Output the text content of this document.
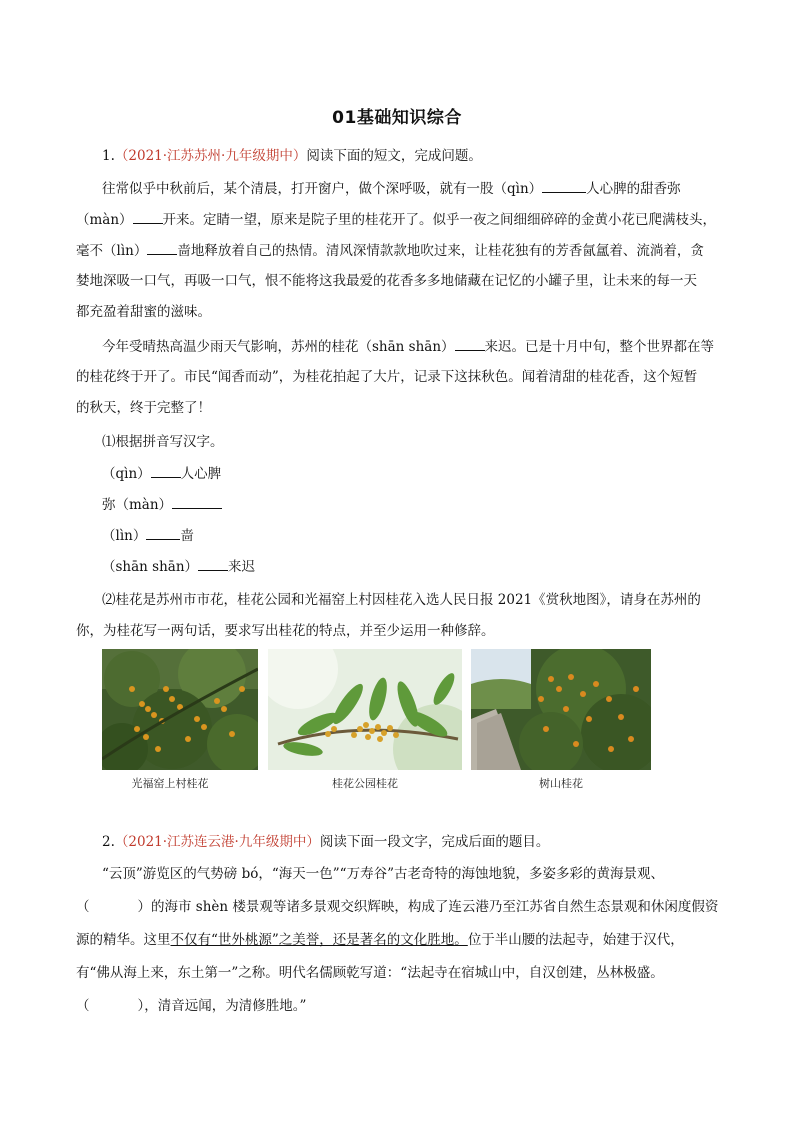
01基础知识综合
1.（2021·江苏苏州·九年级期中）阅读下面的短文，完成问题。
往常似乎中秋前后，某个清晨，打开窗户，做个深呼吸，就有一股（qìn）	人心脾的甜香弥
（màn） 开来。定睛一望，原来是院子里的桂花开了。似乎一夜之间细细碎碎的金黄小花已爬满枝头，
毫不（lìn） 啬地释放着自己的热情。清风深情款款地吹过来，让桂花独有的芳香氤氲着、流淌着，贪
婪地深吸一口气，再吸一口气，恨不能将这我最爱的花香多多地储藏在记忆的小罐子里，让未来的每一天
都充盈着甜蜜的滋味。
今年受晴热高温少雨天气影响，苏州的桂花（shān shān） 来迟。已是十月中旬，整个世界都在等
的桂花终于开了。市民“闻香而动”，为桂花拍起了大片，记录下这抹秋色。闻着清甜的桂花香，这个短暂
的秋天，终于完整了！
⑴根据拼音写汉字。
（qìn） 人心脾
弥（màn）
（lìn）	啬
（shān shān） 来迟
⑵桂花是苏州市市花，桂花公园和光福窑上村因桂花入选人民日报 2021《赏秋地图》，请身在苏州的
你，为桂花写一两句话，要求写出桂花的特点，并至少运用一种修辞。
光福窑上村桂花	桂花公园桂花	树山桂花
2.（2021·江苏连云港·九年级期中）阅读下面一段文字，完成后面的题目。
“云顶”游览区的气势磅 bó，“海天一色”“万寿谷”古老奇特的海蚀地貌，多姿多彩的黄海景观、
（	）的海市 shèn 楼景观等诸多景观交织辉映，构成了连云港乃至江苏省自然生态景观和休闲度假资
源的精华。这里不仅有“世外桃源”之美誉，还是著名的文化胜地。位于半山腰的法起寺，始建于汉代，
有“佛从海上来，东土第一”之称。明代名儒顾乾写道：“法起寺在宿城山中，自汉创建，丛林极盛。
（	），清音远闻，为清修胜地。”
